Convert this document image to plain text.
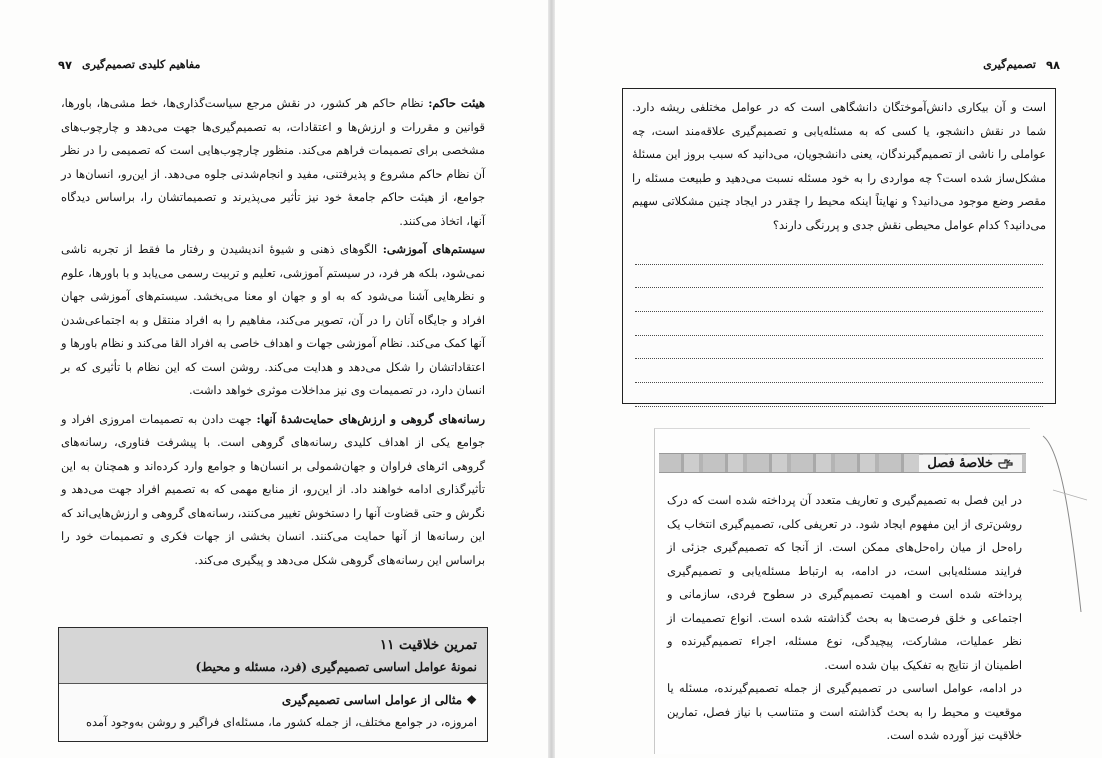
مفاهیم کلیدی تصمیم‌گیری
۹۷

هیئت حاکم: نظام حاکم هر کشور، در نقش مرجع سیاست‌گذاری‌ها، خط مشی‌ها، باورها، قوانین و مقررات و ارزش‌ها و اعتقادات، به تصمیم‌گیری‌ها جهت می‌دهد و چارچوب‌های مشخصی برای تصمیمات فراهم می‌کند. منظور چارچوب‌هایی است که تصمیمی را در نظر آن نظام حاکم مشروع و پذیرفتنی، مفید و انجام‌شدنی جلوه می‌دهد. از این‌رو، انسان‌ها در جوامع، از هیئت حاکم جامعهٔ خود نیز تأثیر می‌پذیرند و تصمیماتشان را، براساس دیدگاه آنها، اتخاذ می‌کنند.

سیستم‌های آموزشی: الگوهای ذهنی و شیوهٔ اندیشیدن و رفتار ما فقط از تجربه ناشی نمی‌شود، بلکه هر فرد، در سیستم آموزشی، تعلیم و تربیت رسمی می‌یابد و با باورها، علوم و نظرهایی آشنا می‌شود که به او و جهان او معنا می‌بخشد. سیستم‌های آموزشی جهان افراد و جایگاه آنان را در آن، تصویر می‌کند، مفاهیم را به افراد منتقل و به اجتماعی‌شدن آنها کمک می‌کند. نظام آموزشی جهات و اهداف خاصی به افراد القا می‌کند و نظام باورها و اعتقاداتشان را شکل می‌دهد و هدایت می‌کند. روشن است که این نظام با تأثیری که بر انسان دارد، در تصمیمات وی نیز مداخلات موثری خواهد داشت.

رسانه‌های گروهی و ارزش‌های حمایت‌شدهٔ آنها: جهت دادن به تصمیمات امروزی افراد و جوامع یکی از اهداف کلیدی رسانه‌های گروهی است. با پیشرفت فناوری، رسانه‌های گروهی اثرهای فراوان و جهان‌شمولی بر انسان‌ها و جوامع وارد کرده‌اند و همچنان به این تأثیرگذاری ادامه خواهند داد. از این‌رو، از منابع مهمی که به تصمیم افراد جهت می‌دهد و نگرش و حتی قضاوت آنها را دستخوش تغییر می‌کنند، رسانه‌های گروهی و ارزش‌هایی‌اند که این رسانه‌ها از آنها حمایت می‌کنند. انسان بخشی از جهات فکری و تصمیمات خود را براساس این رسانه‌های گروهی شکل می‌دهد و پیگیری می‌کند.

تمرین خلاقیت ۱۱
نمونهٔ عوامل اساسی تصمیم‌گیری (فرد، مسئله و محیط)
❖ مثالی از عوامل اساسی تصمیم‌گیری
امروزه، در جوامع مختلف، از جمله کشور ما، مسئله‌ای فراگیر و روشن به‌وجود آمده
۹۸
تصمیم‌گیری
است و آن بیکاری دانش‌آموختگان دانشگاهی است که در عوامل مختلفی ریشه دارد. شما در نقش دانشجو، یا کسی که به مسئله‌یابی و تصمیم‌گیری علاقه‌مند است، چه عواملی را ناشی از تصمیم‌گیرندگان، یعنی دانشجویان، می‌دانید که سبب بروز این مسئلهٔ مشکل‌ساز شده است؟ چه مواردی را به خود مسئله نسبت می‌دهید و طبیعت مسئله را مقصر وضع موجود می‌دانید؟ و نهایتاً اینکه محیط را چقدر در ایجاد چنین مشکلاتی سهیم می‌دانید؟ کدام عوامل محیطی نقش جدی و پررنگی دارند؟
خلاصهٔ فصل

در این فصل به تصمیم‌گیری و تعاریف متعدد آن پرداخته شده است که درک روشن‌تری از این مفهوم ایجاد شود. در تعریفی کلی، تصمیم‌گیری انتخاب یک راه‌حل از میان راه‌حل‌های ممکن است. از آنجا که تصمیم‌گیری جزئی از فرایند مسئله‌یابی است، در ادامه، به ارتباط مسئله‌یابی و تصمیم‌گیری پرداخته شده است و اهمیت تصمیم‌گیری در سطوح فردی، سازمانی و اجتماعی و خلق فرصت‌ها به بحث گذاشته شده است. انواع تصمیمات از نظر عملیات، مشارکت، پیچیدگی، نوع مسئله، اجراء تصمیم‌گیرنده و اطمینان از نتایج به تفکیک بیان شده است.

در ادامه، عوامل اساسی در تصمیم‌گیری از جمله تصمیم‌گیرنده، مسئله یا موقعیت و محیط را به بحث گذاشته است و متناسب با نیاز فصل، تمارین خلاقیت نیز آورده شده است.
